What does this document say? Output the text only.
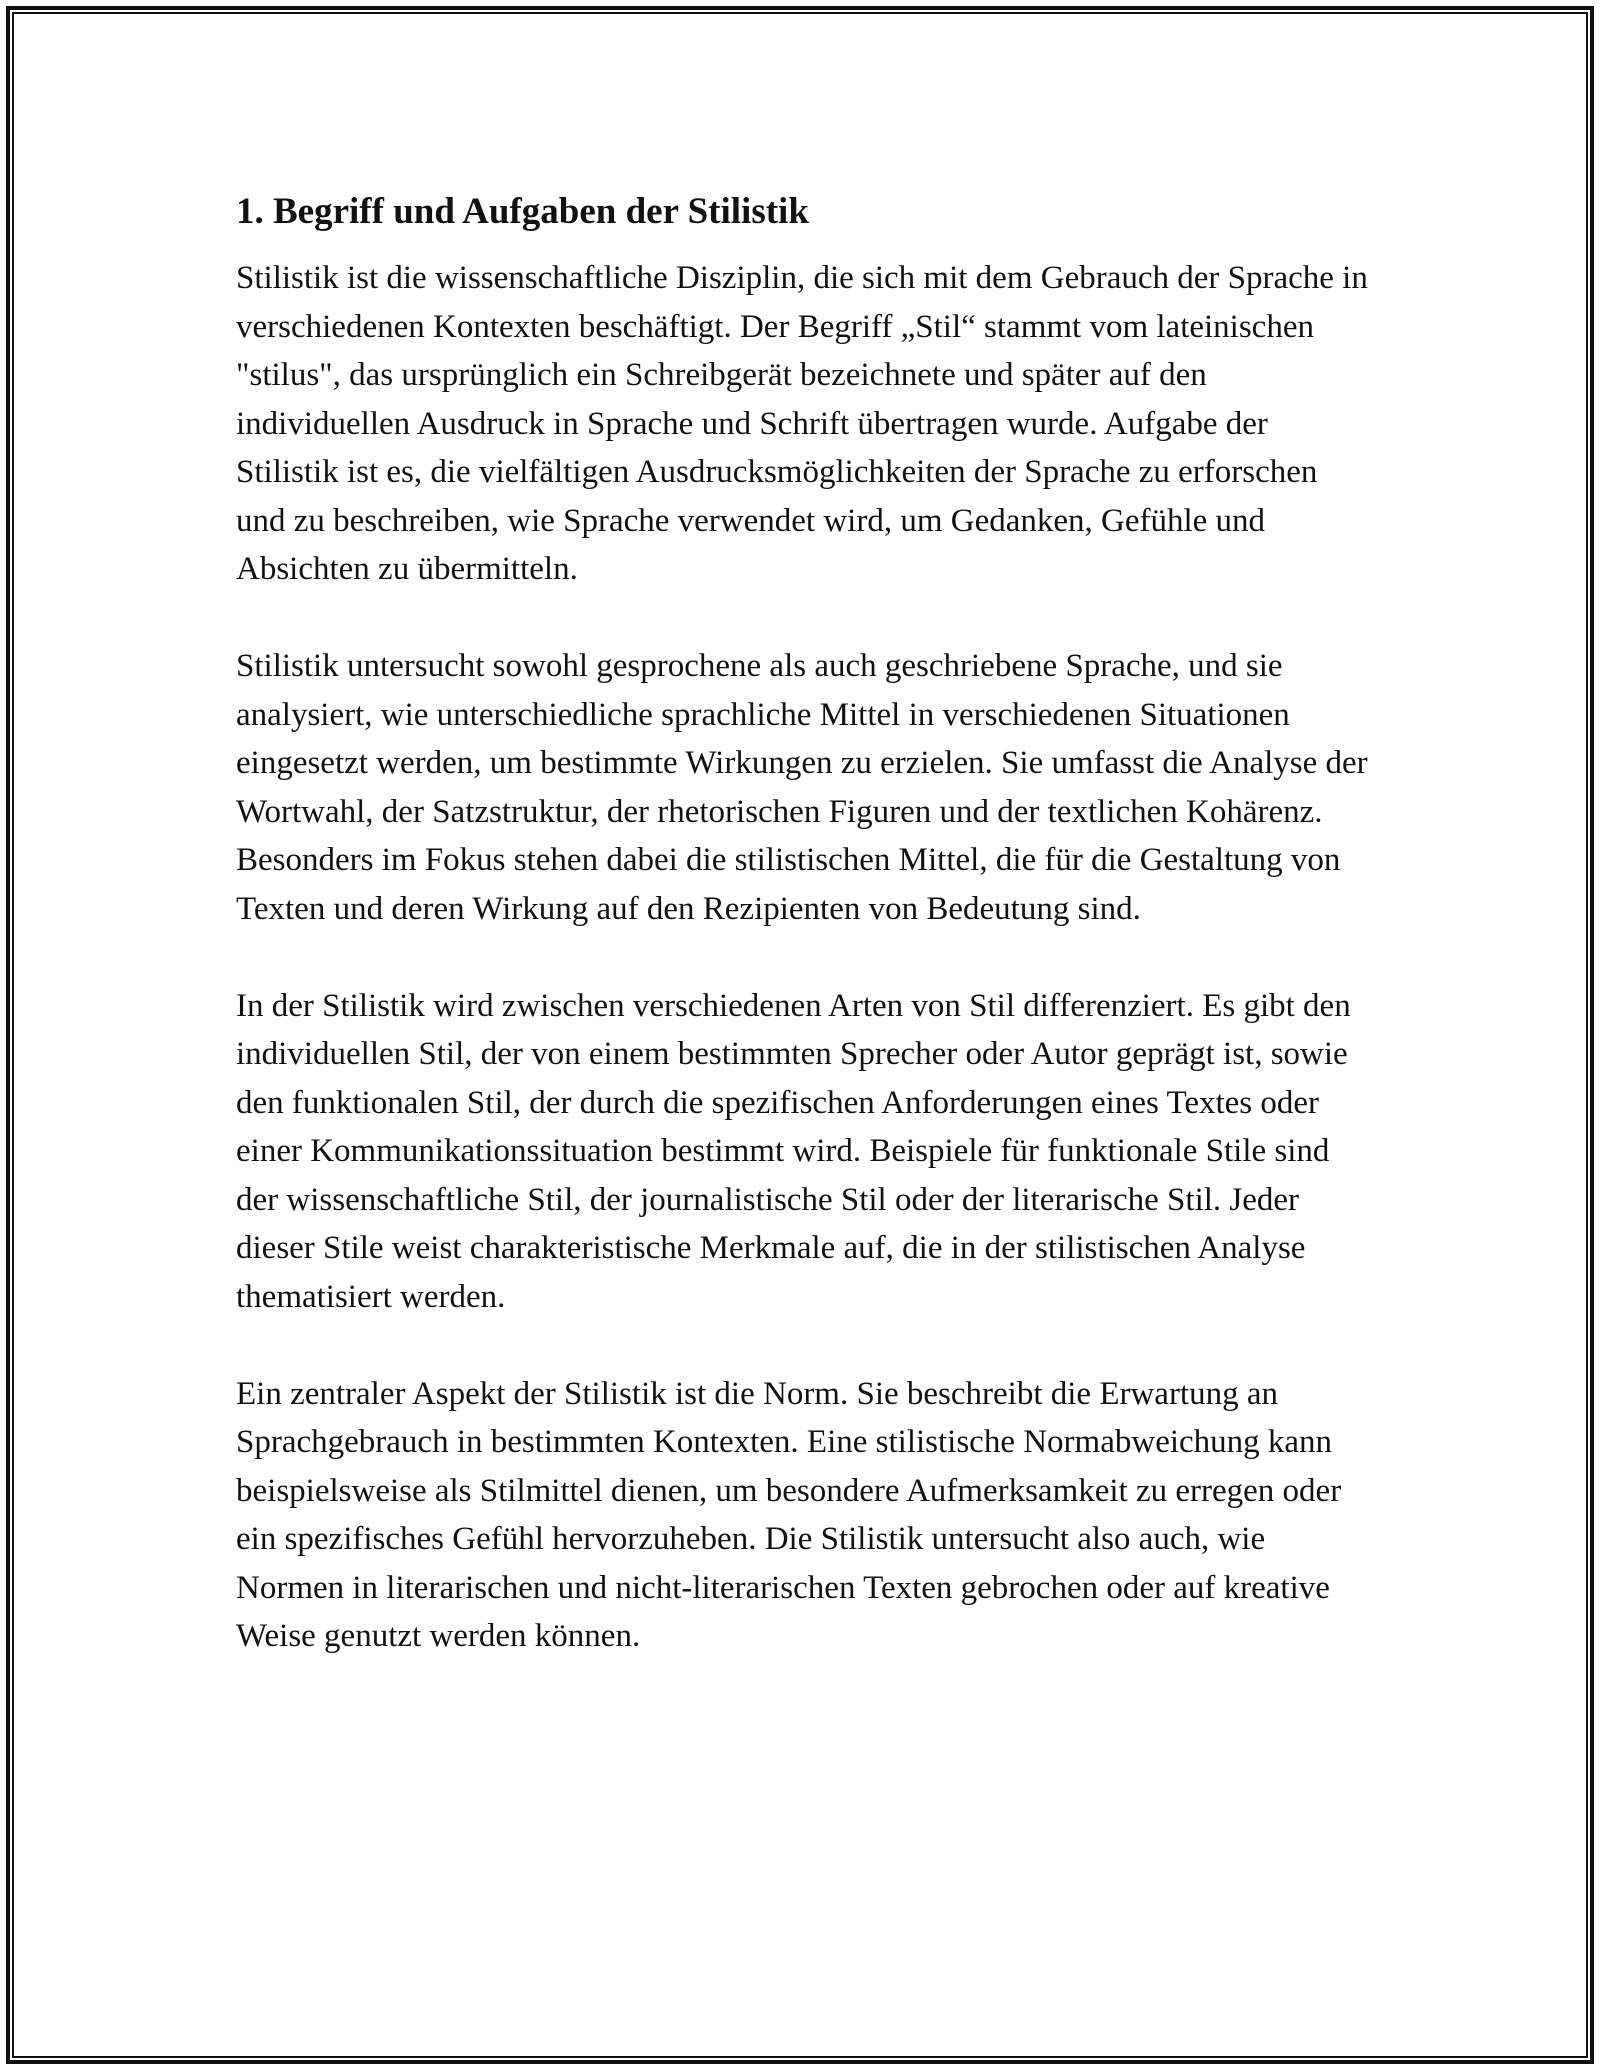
1. Begriff und Aufgaben der Stilistik

Stilistik ist die wissenschaftliche Disziplin, die sich mit dem Gebrauch der Sprache in verschiedenen Kontexten beschäftigt. Der Begriff „Stil“ stammt vom lateinischen "stilus", das ursprünglich ein Schreibgerät bezeichnete und später auf den individuellen Ausdruck in Sprache und Schrift übertragen wurde. Aufgabe der Stilistik ist es, die vielfältigen Ausdrucksmöglichkeiten der Sprache zu erforschen und zu beschreiben, wie Sprache verwendet wird, um Gedanken, Gefühle und Absichten zu übermitteln.

Stilistik untersucht sowohl gesprochene als auch geschriebene Sprache, und sie analysiert, wie unterschiedliche sprachliche Mittel in verschiedenen Situationen eingesetzt werden, um bestimmte Wirkungen zu erzielen. Sie umfasst die Analyse der Wortwahl, der Satzstruktur, der rhetorischen Figuren und der textlichen Kohärenz. Besonders im Fokus stehen dabei die stilistischen Mittel, die für die Gestaltung von Texten und deren Wirkung auf den Rezipienten von Bedeutung sind.

In der Stilistik wird zwischen verschiedenen Arten von Stil differenziert. Es gibt den individuellen Stil, der von einem bestimmten Sprecher oder Autor geprägt ist, sowie den funktionalen Stil, der durch die spezifischen Anforderungen eines Textes oder einer Kommunikationssituation bestimmt wird. Beispiele für funktionale Stile sind der wissenschaftliche Stil, der journalistische Stil oder der literarische Stil. Jeder dieser Stile weist charakteristische Merkmale auf, die in der stilistischen Analyse thematisiert werden.

Ein zentraler Aspekt der Stilistik ist die Norm. Sie beschreibt die Erwartung an Sprachgebrauch in bestimmten Kontexten. Eine stilistische Normabweichung kann beispielsweise als Stilmittel dienen, um besondere Aufmerksamkeit zu erregen oder ein spezifisches Gefühl hervorzuheben. Die Stilistik untersucht also auch, wie Normen in literarischen und nicht-literarischen Texten gebrochen oder auf kreative Weise genutzt werden können.
